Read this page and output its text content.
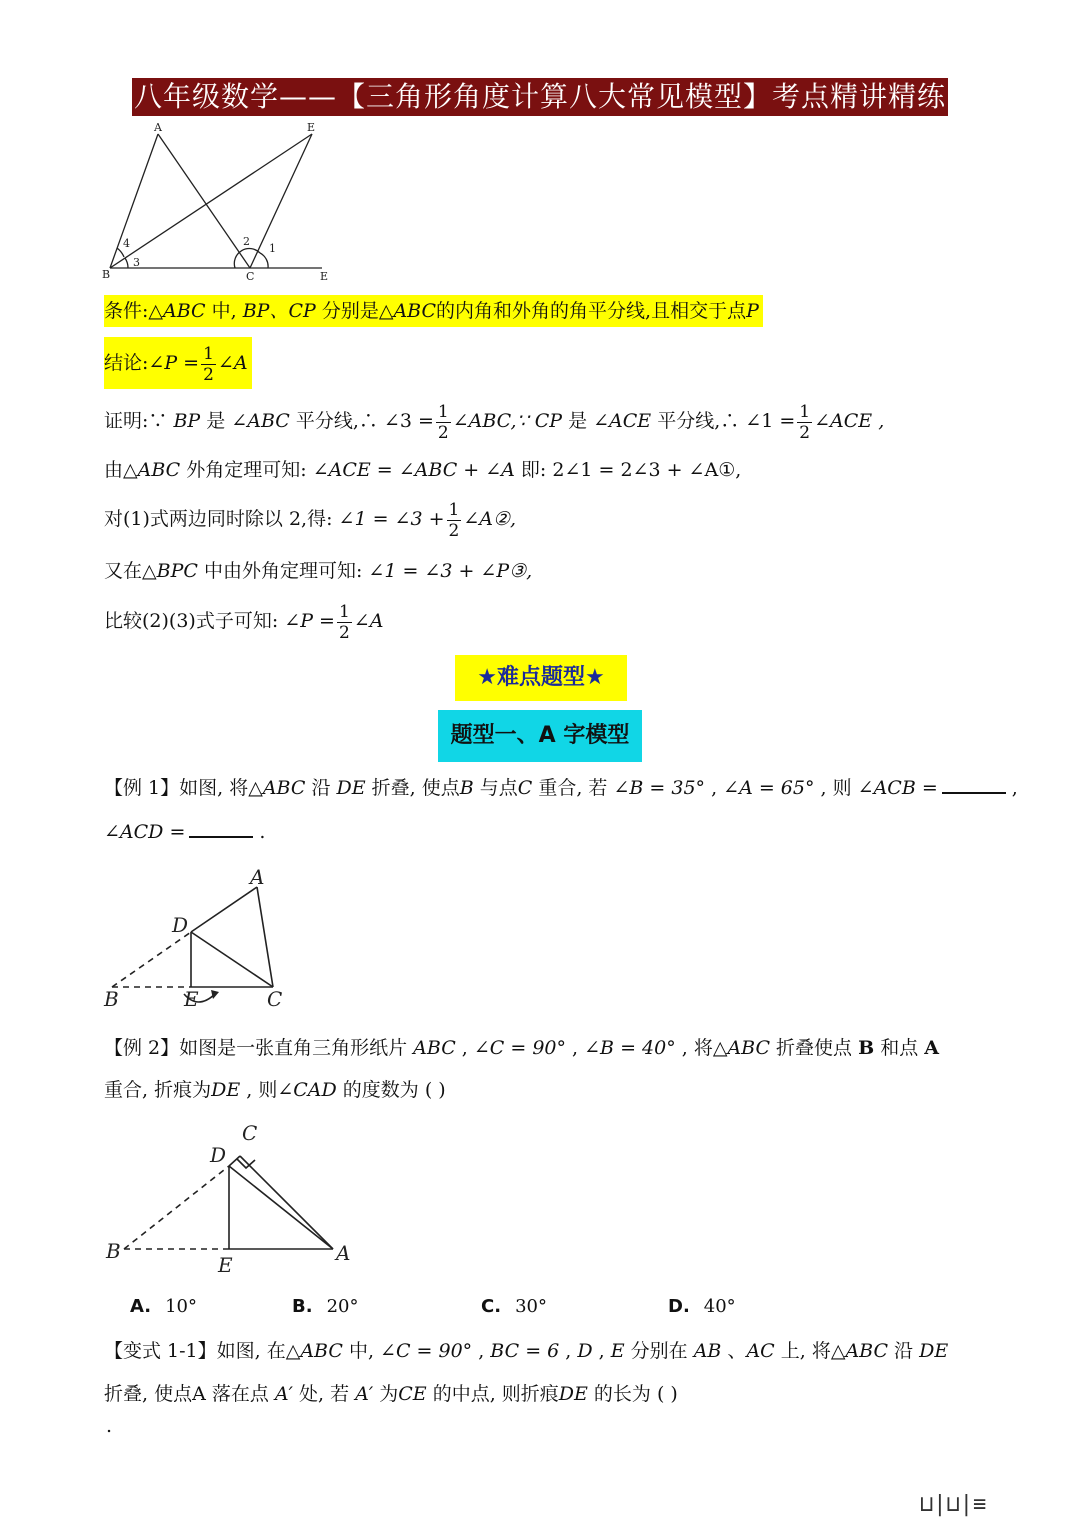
八年级数学——【三角形角度计算八大常见模型】考点精讲精练
A	E
B	C	E
1
2
3
4
条件:△ABC 中, BP、CP 分别是△ABC的内角和外角的角平分线,且相交于点P
结论:∠P = $\frac{1}{2}$ ∠A
证明:∵ BP 是 ∠ABC 平分线,∴ ∠3 = $\frac{1}{2}$ ∠ABC,∵ CP 是 ∠ACE 平分线,∴ ∠1 = $\frac{1}{2}$ ∠ACE ,
由△ABC 外角定理可知: ∠ACE = ∠ABC + ∠A 即: 2∠1 = 2∠3 + ∠A①,
对(1)式两边同时除以 2,得: ∠1 = ∠3 + $\frac{1}{2}$ ∠A②,
又在△BPC 中由外角定理可知: ∠1 = ∠3 + ∠P③,
比较(2)(3)式子可知: ∠P = $\frac{1}{2}$ ∠A
★难点题型★
题型一、A 字模型
【例 1】如图, 将△ABC 沿 DE 折叠, 使点B 与点C 重合, 若 ∠B = 35° , ∠A = 65° , 则 ∠ACB =	,
∠ACD =	.
A
D
B	E	C
【例 2】如图是一张直角三角形纸片 ABC , ∠C = 90° , ∠B = 40° , 将△ABC 折叠使点 B 和点 A
重合, 折痕为DE , 则∠CAD 的度数为 ( )
C
D
B
E	A
A. 10°	B. 20°	C. 30°	D. 40°
【变式 1-1】如图, 在△ABC 中, ∠C = 90° , BC = 6 , D , E 分别在 AB 、AC 上, 将△ABC 沿 DE
折叠, 使点A 落在点 A′ 处, 若 A′ 为CE 的中点, 则折痕DE 的长为 ( )
.
⊔|⊔|≡
